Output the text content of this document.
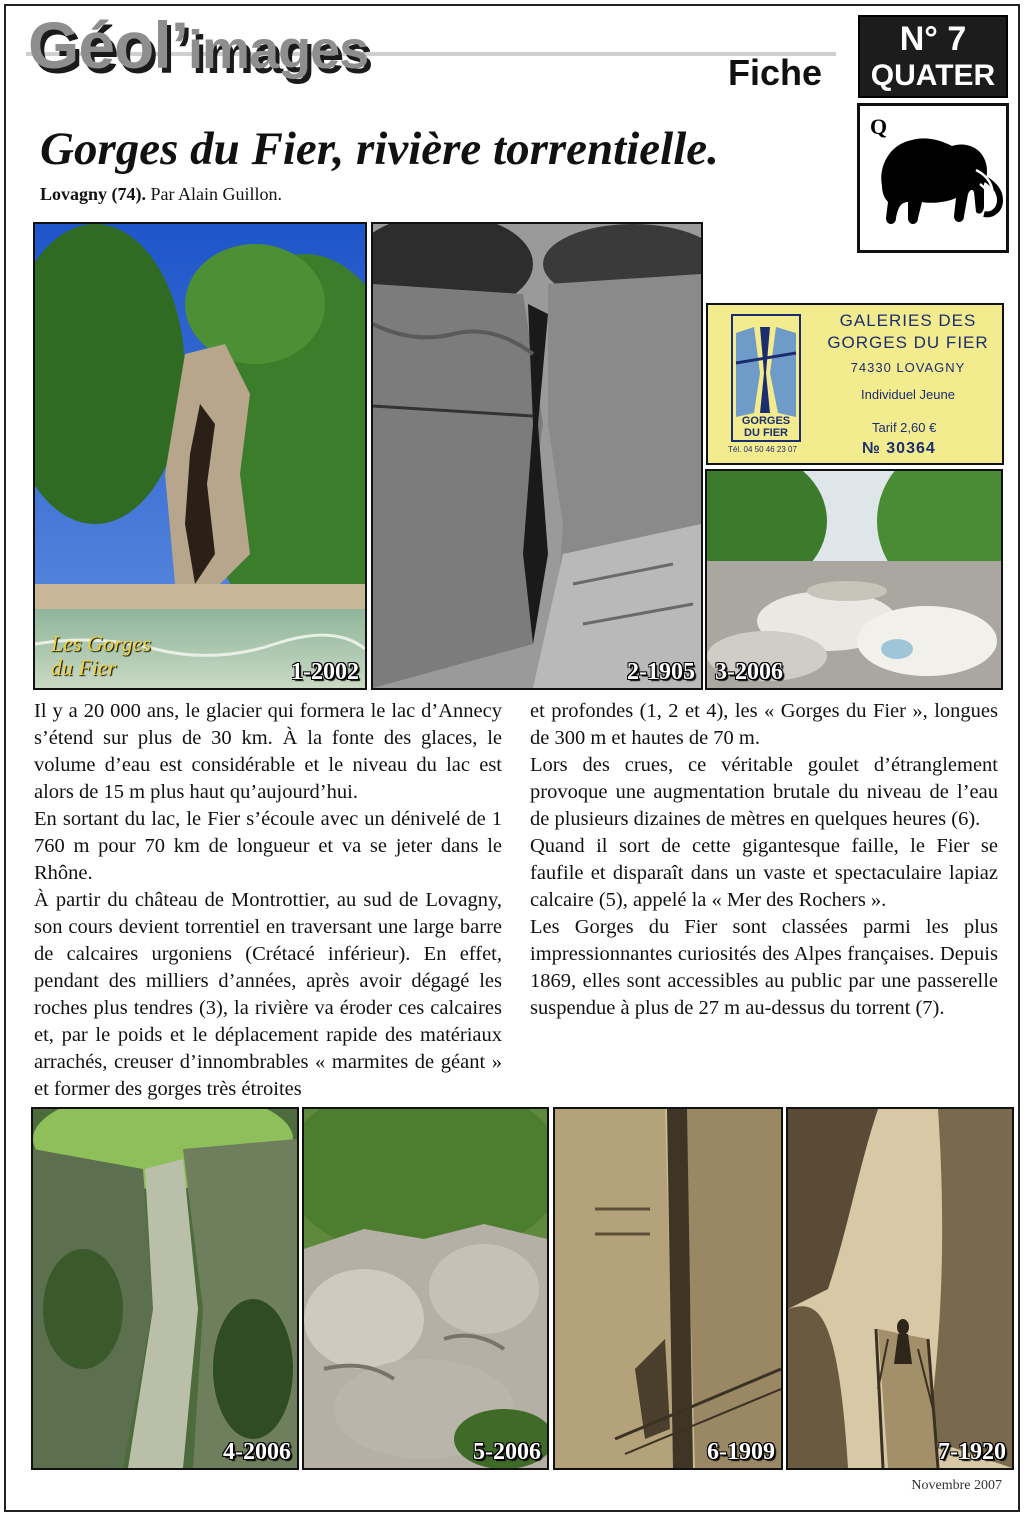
Géol’images	Fiche
N° 7
QUATER
Q
Gorges du Fier, rivière torrentielle.
Lovagny (74). Par Alain Guillon.
Les Gorges
du Fier	1-2002	2-1905
GORGES
DU FIER
GALERIES DES
GORGES DU FIER
74330 LOVAGNY
Individuel Jeune
Tarif 2,60 €
№ 30364
Tél. 04 50 46 23 07
3-2006

Il y a 20 000 ans, le glacier qui formera le lac d’Annecy s’étend sur plus de 30 km. À la fonte des glaces, le volume d’eau est considérable et le niveau du lac est alors de 15 m plus haut qu’aujourd’hui.

En sortant du lac, le Fier s’écoule avec un dénivelé de 1 760 m pour 70 km de longueur et va se jeter dans le Rhône.

À partir du château de Montrottier, au sud de Lovagny, son cours devient torrentiel en traversant une large barre de calcaires urgoniens (Crétacé inférieur). En effet, pendant des milliers d’années, après avoir dégagé les roches plus tendres (3), la rivière va éroder ces calcaires et, par le poids et le déplacement rapide des matériaux arrachés, creuser d’innombrables « marmites de géant » et former des gorges très étroites

et profondes (1, 2 et 4), les « Gorges du Fier », longues de 300 m et hautes de 70 m.

Lors des crues, ce véritable goulet d’étranglement provoque une augmentation brutale du niveau de l’eau de plusieurs dizaines de mètres en quelques heures (6).

Quand il sort de cette gigantesque faille, le Fier se faufile et disparaît dans un vaste et spectaculaire lapiaz calcaire (5), appelé la « Mer des Rochers ».

Les Gorges du Fier sont classées parmi les plus impressionnantes curiosités des Alpes françaises. Depuis 1869, elles sont accessibles au public par une passerelle suspendue à plus de 27 m au-dessus du torrent (7).

4-2006	5-2006	6-1909	7-1920
Novembre 2007
